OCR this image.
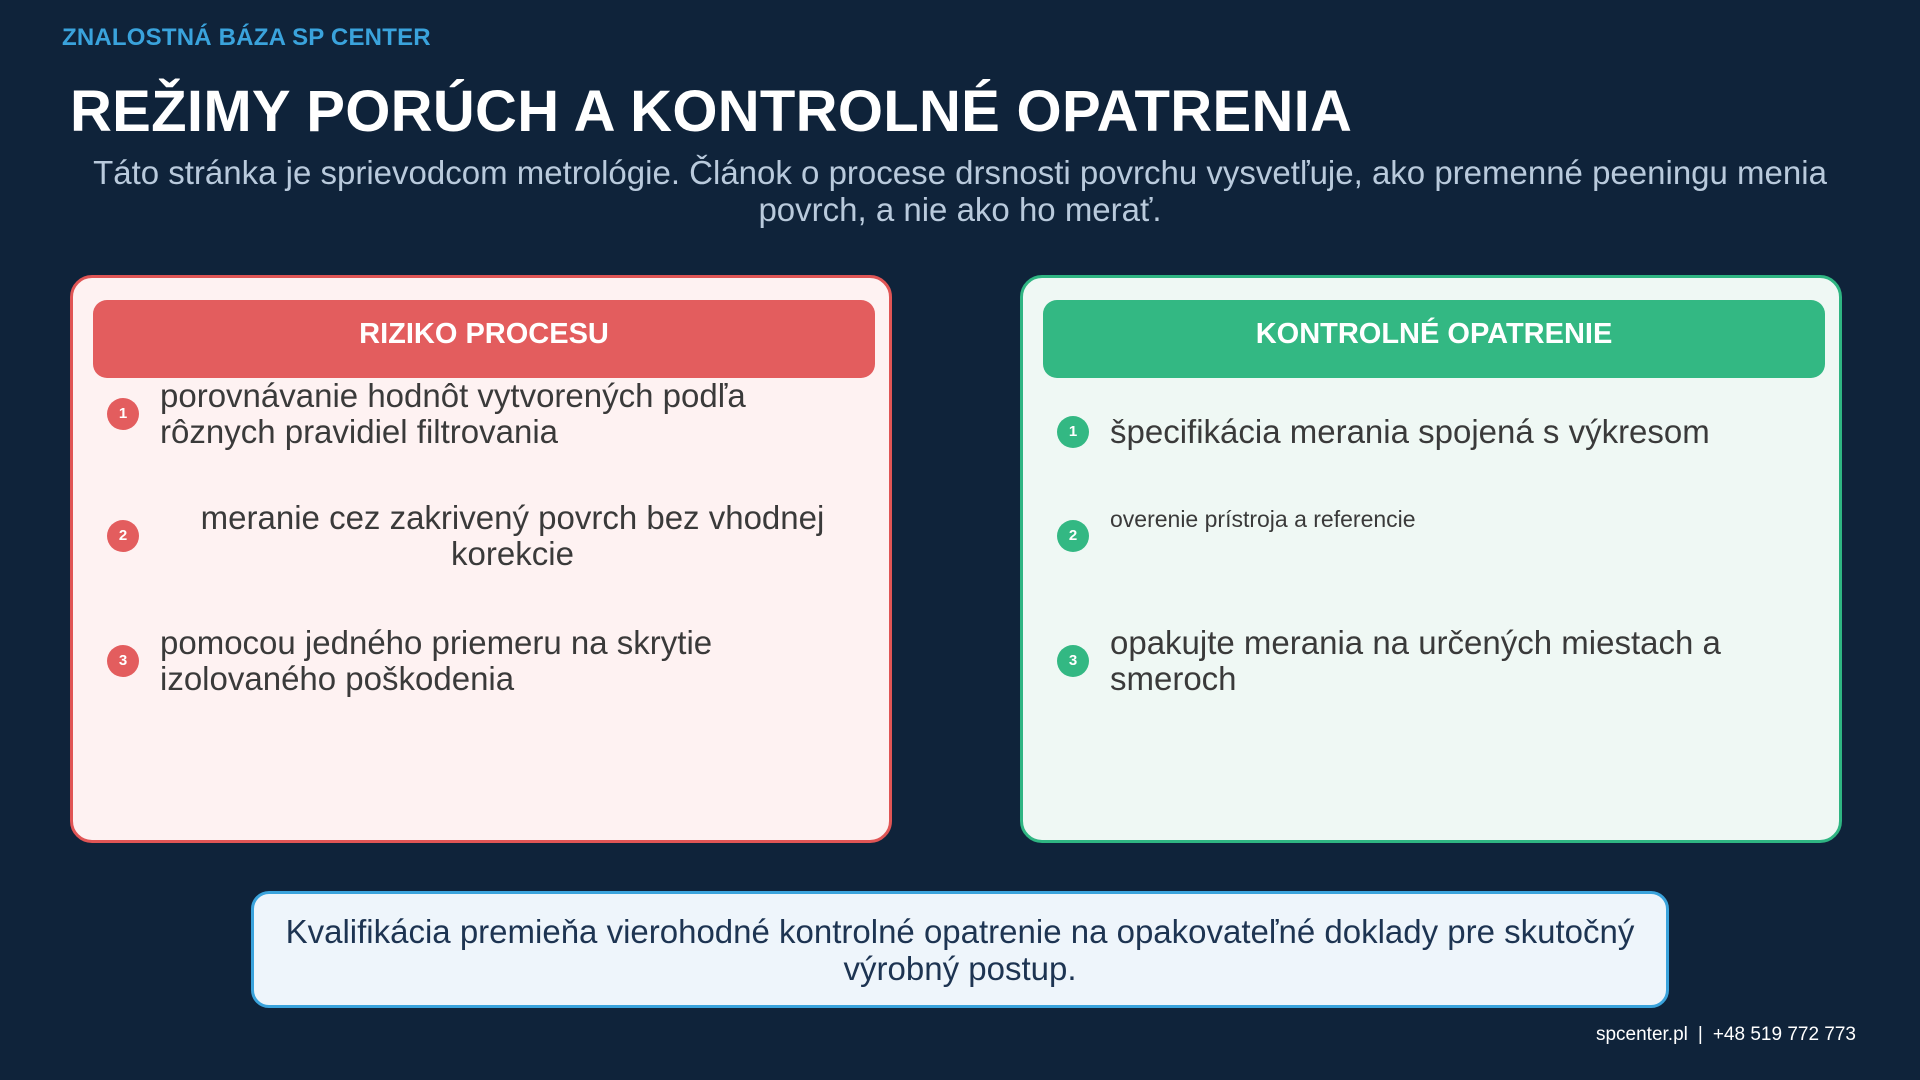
ZNALOSTNÁ BÁZA SP CENTER
REŽIMY PORÚCH A KONTROLNÉ OPATRENIA
Táto stránka je sprievodcom metrológie. Článok o procese drsnosti povrchu vysvetľuje, ako premenné peeningu menia povrch, a nie ako ho merať.
RIZIKO PROCESU
1 porovnávanie hodnôt vytvorených podľa rôznych pravidiel filtrovania
2	meranie cez zakrivený povrch bez vhodnej korekcie
3 pomocou jedného priemeru na skrytie izolovaného poškodenia
KONTROLNÉ OPATRENIE
1 špecifikácia merania spojená s výkresom
2
overenie prístroja a referencie
3 opakujte merania na určených miestach a smeroch
Kvalifikácia premieňa vierohodné kontrolné opatrenie na opakovateľné doklady pre skutočný výrobný postup.
spcenter.pl | +48 519 772 773
